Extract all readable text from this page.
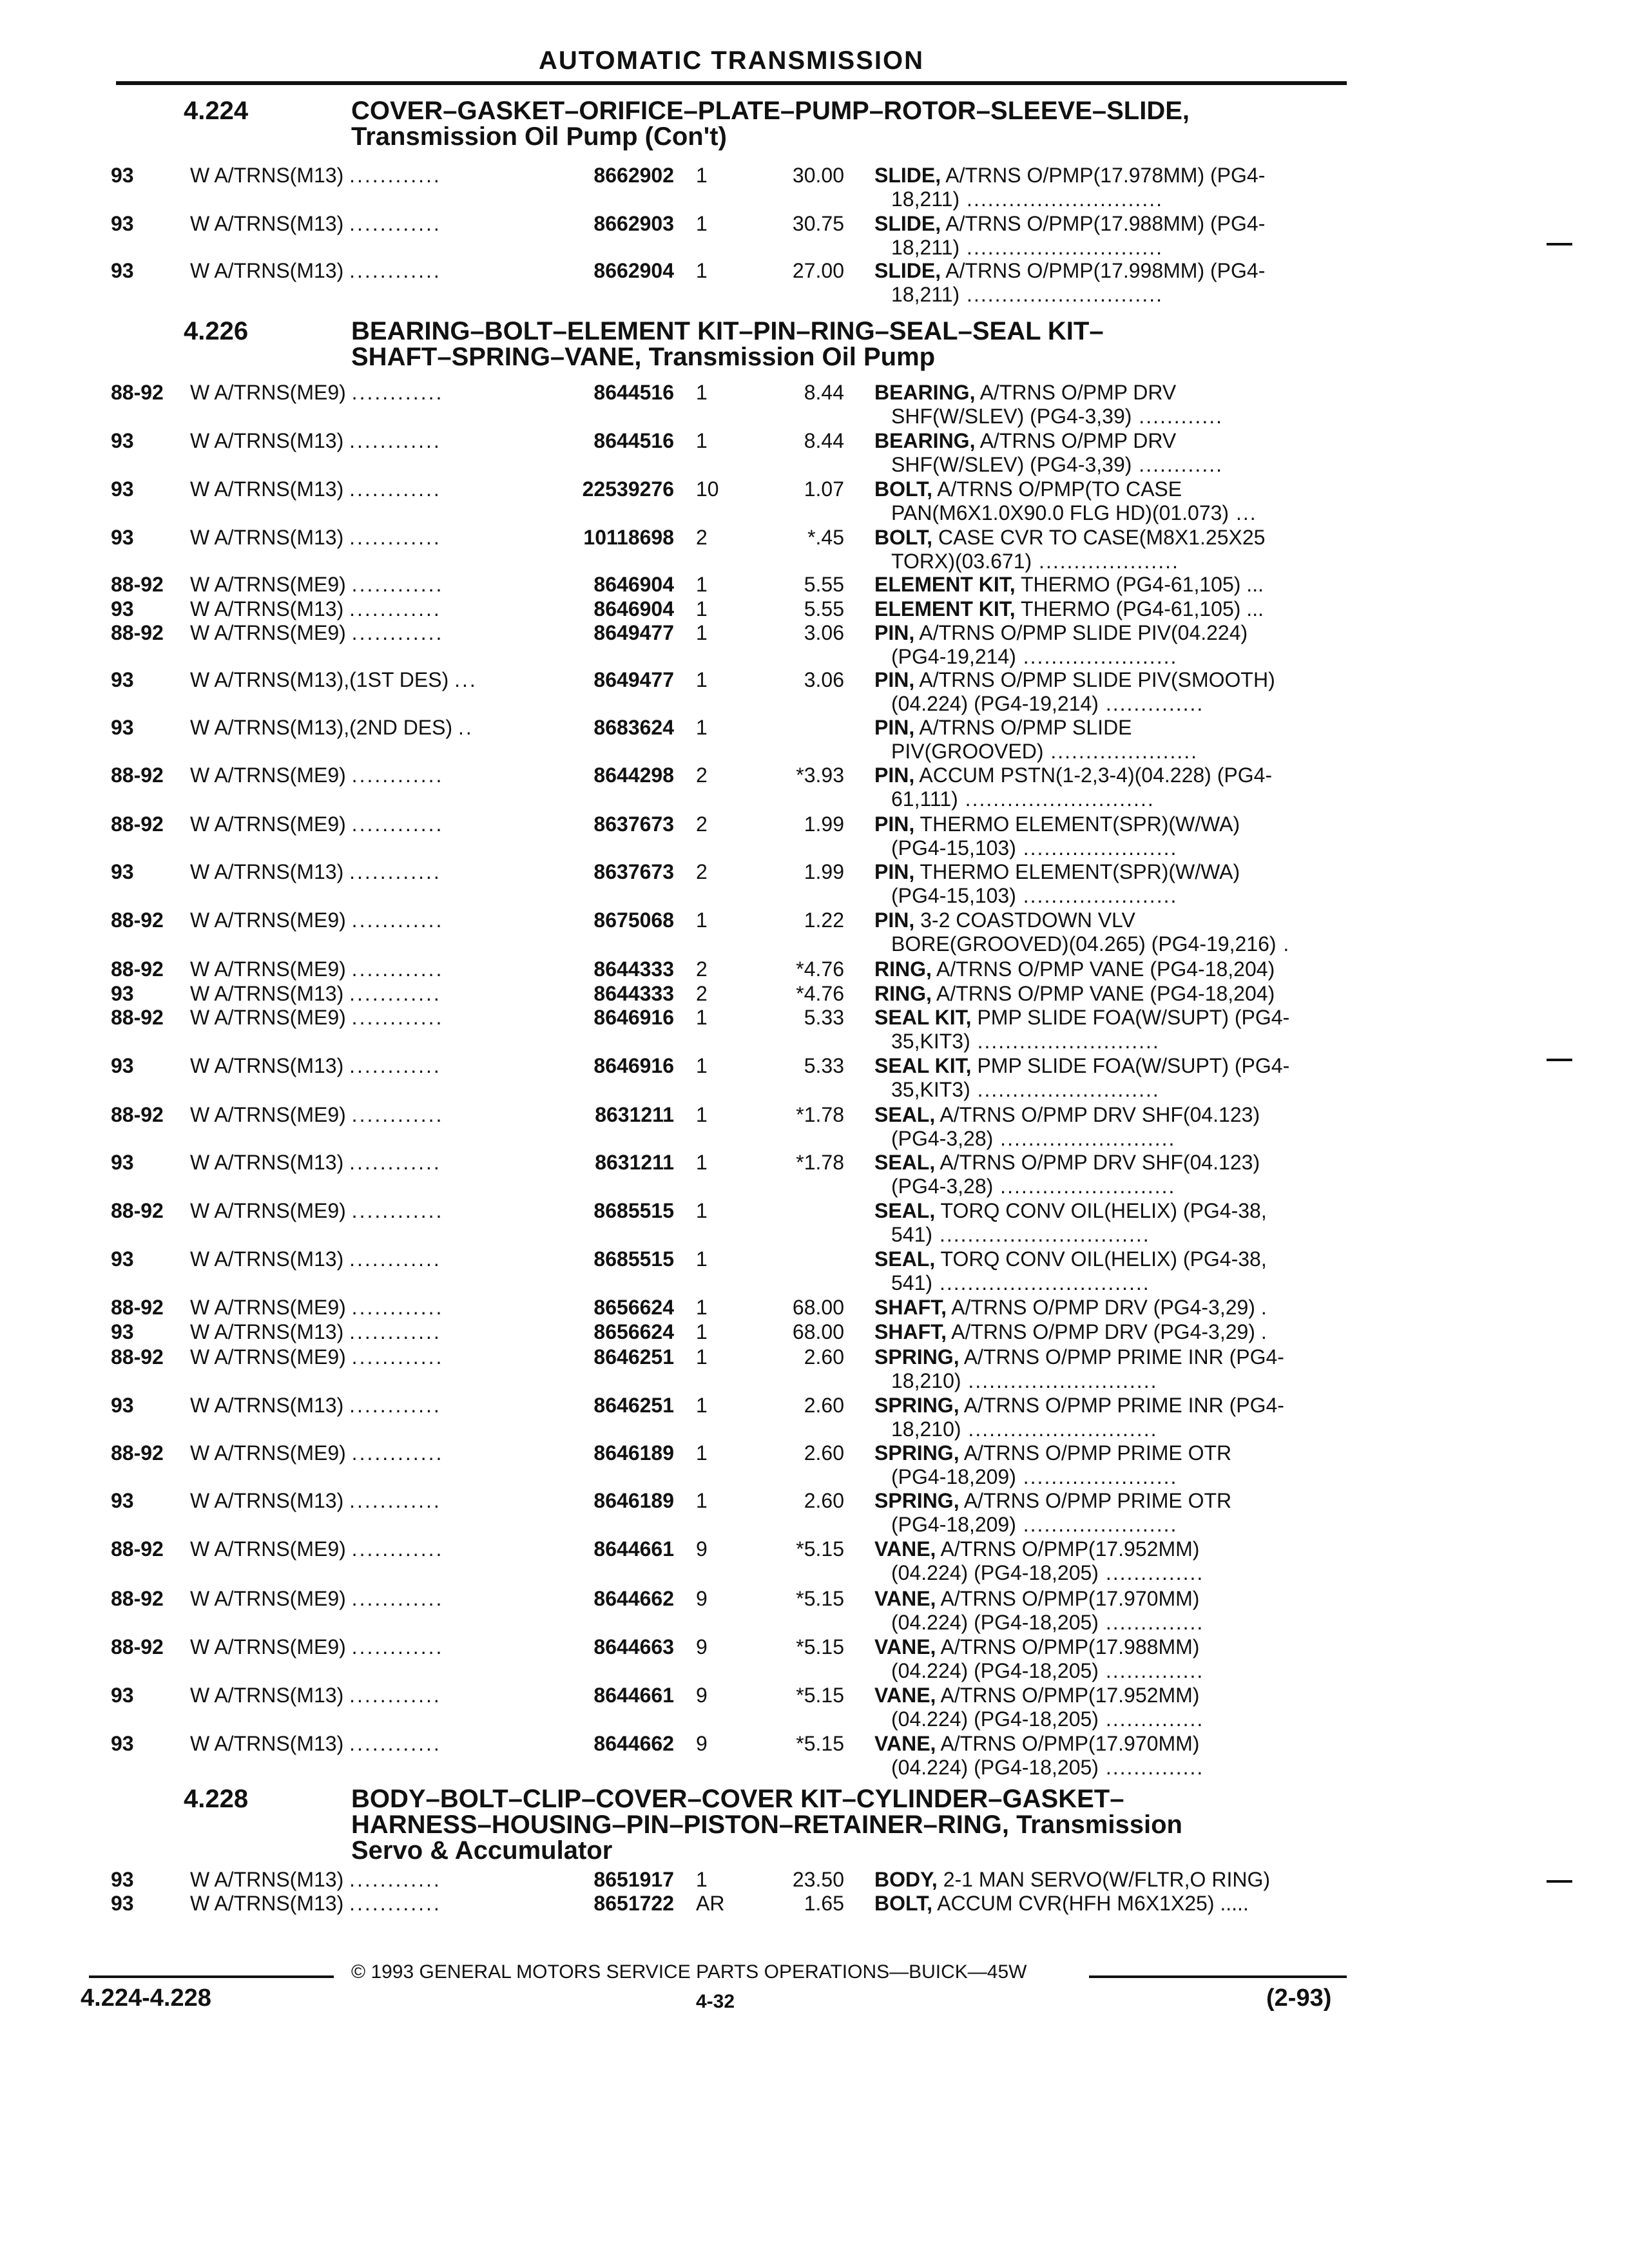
AUTOMATIC TRANSMISSION
4.224	COVER–GASKET–ORIFICE–PLATE–PUMP–ROTOR–SLEEVE–SLIDE,
Transmission Oil Pump (Con't)
4.226	BEARING–BOLT–ELEMENT KIT–PIN–RING–SEAL–SEAL KIT–
SHAFT–SPRING–VANE, Transmission Oil Pump
4.228	BODY–BOLT–CLIP–COVER–COVER KIT–CYLINDER–GASKET–
HARNESS–HOUSING–PIN–PISTON–RETAINER–RING, Transmission
Servo & Accumulator
93	W A/TRNS(M13) ............	8662902 1	30.00 SLIDE, A/TRNS O/PMP(17.978MM) (PG4-
18,211) ............................
93	W A/TRNS(M13) ............	8662903 1	30.75 SLIDE, A/TRNS O/PMP(17.988MM) (PG4-
18,211) ............................
93	W A/TRNS(M13) ............	8662904 1	27.00 SLIDE, A/TRNS O/PMP(17.998MM) (PG4-
18,211) ............................
88-92 W A/TRNS(ME9) ............	8644516 1	8.44 BEARING, A/TRNS O/PMP DRV
SHF(W/SLEV) (PG4-3,39) ............
93	W A/TRNS(M13) ............	8644516 1	8.44 BEARING, A/TRNS O/PMP DRV
SHF(W/SLEV) (PG4-3,39) ............
93	W A/TRNS(M13) ............	22539276 10	1.07 BOLT, A/TRNS O/PMP(TO CASE
PAN(M6X1.0X90.0 FLG HD)(01.073) ...
93	W A/TRNS(M13) ............	10118698 2	*.45 BOLT, CASE CVR TO CASE(M8X1.25X25
TORX)(03.671) ....................
88-92 W A/TRNS(ME9) ............	8646904 1	5.55 ELEMENT KIT, THERMO (PG4-61,105) ...
93	W A/TRNS(M13) ............	8646904 1	5.55 ELEMENT KIT, THERMO (PG4-61,105) ...
88-92 W A/TRNS(ME9) ............	8649477 1	3.06 PIN, A/TRNS O/PMP SLIDE PIV(04.224)
(PG4-19,214) ......................
93	W A/TRNS(M13),(1ST DES) ...	8649477 1	3.06 PIN, A/TRNS O/PMP SLIDE PIV(SMOOTH)
(04.224) (PG4-19,214) ..............
93	W A/TRNS(M13),(2ND DES) ..	8683624 1	PIN, A/TRNS O/PMP SLIDE
PIV(GROOVED) .....................
88-92 W A/TRNS(ME9) ............	8644298 2	*3.93 PIN, ACCUM PSTN(1-2,3-4)(04.228) (PG4-
61,111) ...........................
88-92 W A/TRNS(ME9) ............	8637673 2	1.99 PIN, THERMO ELEMENT(SPR)(W/WA)
(PG4-15,103) ......................
93	W A/TRNS(M13) ............	8637673 2	1.99 PIN, THERMO ELEMENT(SPR)(W/WA)
(PG4-15,103) ......................
88-92 W A/TRNS(ME9) ............	8675068 1	1.22 PIN, 3-2 COASTDOWN VLV
BORE(GROOVED)(04.265) (PG4-19,216) .
88-92 W A/TRNS(ME9) ............	8644333 2	*4.76 RING, A/TRNS O/PMP VANE (PG4-18,204)
93	W A/TRNS(M13) ............	8644333 2	*4.76 RING, A/TRNS O/PMP VANE (PG4-18,204)
88-92 W A/TRNS(ME9) ............	8646916 1	5.33 SEAL KIT, PMP SLIDE FOA(W/SUPT) (PG4-
35,KIT3) ..........................
93	W A/TRNS(M13) ............	8646916 1	5.33 SEAL KIT, PMP SLIDE FOA(W/SUPT) (PG4-
35,KIT3) ..........................
88-92 W A/TRNS(ME9) ............	8631211 1	*1.78 SEAL, A/TRNS O/PMP DRV SHF(04.123)
(PG4-3,28) .........................
93	W A/TRNS(M13) ............	8631211 1	*1.78 SEAL, A/TRNS O/PMP DRV SHF(04.123)
(PG4-3,28) .........................
88-92 W A/TRNS(ME9) ............	8685515 1	SEAL, TORQ CONV OIL(HELIX) (PG4-38,
541) ..............................
93	W A/TRNS(M13) ............	8685515 1	SEAL, TORQ CONV OIL(HELIX) (PG4-38,
541) ..............................
88-92 W A/TRNS(ME9) ............	8656624 1	68.00 SHAFT, A/TRNS O/PMP DRV (PG4-3,29) .
93	W A/TRNS(M13) ............	8656624 1	68.00 SHAFT, A/TRNS O/PMP DRV (PG4-3,29) .
88-92 W A/TRNS(ME9) ............	8646251 1	2.60 SPRING, A/TRNS O/PMP PRIME INR (PG4-
18,210) ...........................
93	W A/TRNS(M13) ............	8646251 1	2.60 SPRING, A/TRNS O/PMP PRIME INR (PG4-
18,210) ...........................
88-92 W A/TRNS(ME9) ............	8646189 1	2.60 SPRING, A/TRNS O/PMP PRIME OTR
(PG4-18,209) ......................
93	W A/TRNS(M13) ............	8646189 1	2.60 SPRING, A/TRNS O/PMP PRIME OTR
(PG4-18,209) ......................
88-92 W A/TRNS(ME9) ............	8644661 9	*5.15 VANE, A/TRNS O/PMP(17.952MM)
(04.224) (PG4-18,205) ..............
88-92 W A/TRNS(ME9) ............	8644662 9	*5.15 VANE, A/TRNS O/PMP(17.970MM)
(04.224) (PG4-18,205) ..............
88-92 W A/TRNS(ME9) ............	8644663 9	*5.15 VANE, A/TRNS O/PMP(17.988MM)
(04.224) (PG4-18,205) ..............
93	W A/TRNS(M13) ............	8644661 9	*5.15 VANE, A/TRNS O/PMP(17.952MM)
(04.224) (PG4-18,205) ..............
93	W A/TRNS(M13) ............	8644662 9	*5.15 VANE, A/TRNS O/PMP(17.970MM)
(04.224) (PG4-18,205) ..............
93	W A/TRNS(M13) ............	8651917 1	23.50 BODY, 2-1 MAN SERVO(W/FLTR,O RING)
93	W A/TRNS(M13) ............	8651722 AR	1.65 BOLT, ACCUM CVR(HFH M6X1X25) .....
© 1993 GENERAL MOTORS SERVICE PARTS OPERATIONS—BUICK—45W
4.224-4.228	4-32	(2-93)
